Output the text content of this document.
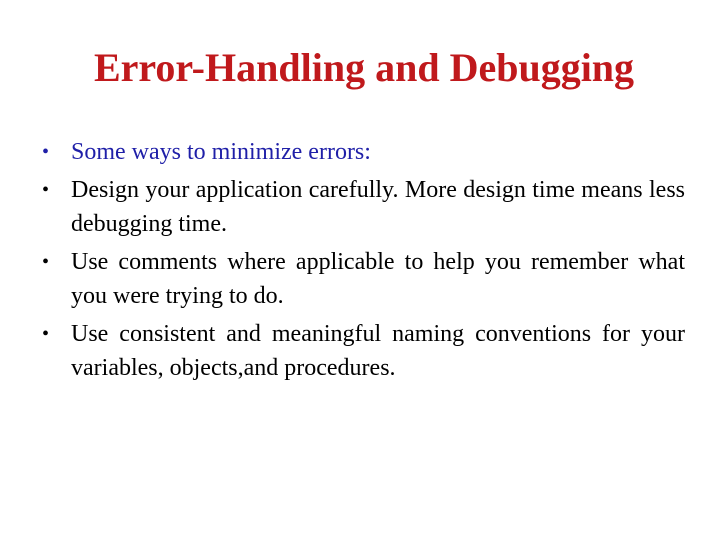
Error-Handling and Debugging
• Some ways to minimize errors:
• Design your application carefully. More design time means less debugging time.
• Use comments where applicable to help you remember what you were trying to do.
• Use consistent and meaningful naming conventions for your variables, objects,and procedures.
